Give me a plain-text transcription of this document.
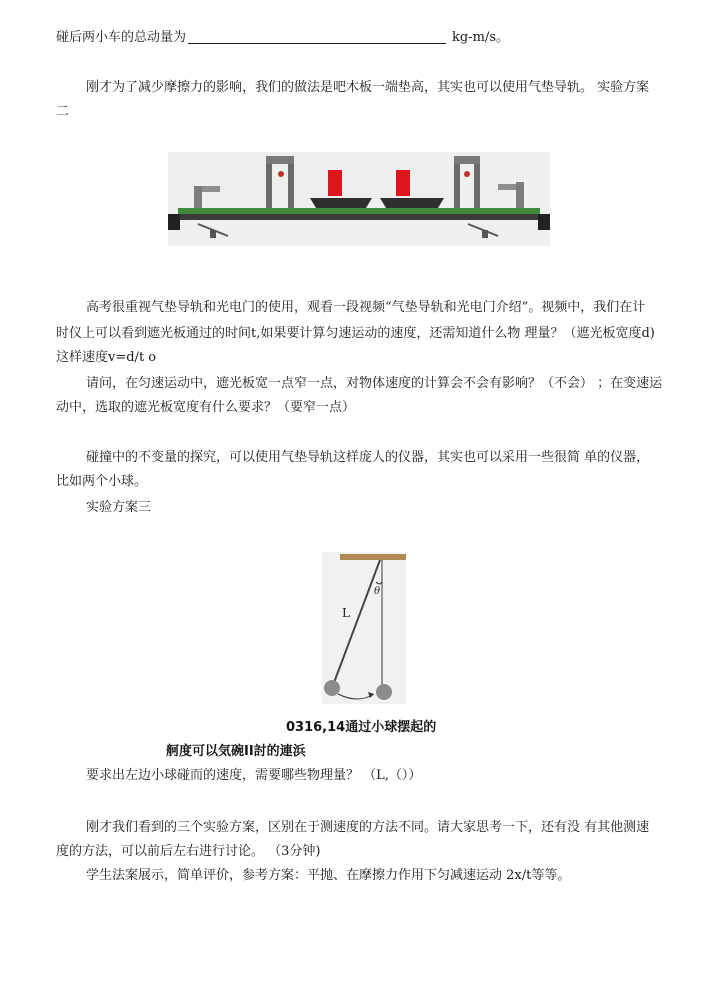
碰后两小车的总动量为	kg-m/s。
刚才为了减少摩擦力的影响，我们的做法是吧木板一端垫高，其实也可以使用气垫导轨。 实验方案
二
高考很重视气垫导轨和光电门的使用，观看一段视频“气垫导轨和光电门介绍”。视频中，我们在计
时仪上可以看到遮光板通过的时间t,如果要计算匀速运动的速度，还需知道什么物 理量？（遮光板宽度d)
这样速度v=d/t o
请问，在匀速运动中，遮光板宽一点窄一点，对物体速度的计算会不会有影响？（不会） ；在变速运
动中，选取的遮光板宽度有什么要求？（要窄一点）
碰撞中的不变量的探究，可以使用气垫导轨这样庞人的仪器，其实也可以采用一些很简 单的仪器，
比如两个小球。
实验方案三
L
θ
0316,14通过小球摆起的
舸度可以気碗II討的連浜
要求出左边小球碰而的速度，需要哪些物理量？ （L,（））
刚才我们看到的三个实验方案，区别在于测速度的方法不同。请大家思考一下，还有没 有其他测速
度的方法，可以前后左右进行讨论。 （3分钟)
学生法案展示，简单评价，参考方案：平抛、在摩擦力作用下匀减速运动 2x/t等等。
